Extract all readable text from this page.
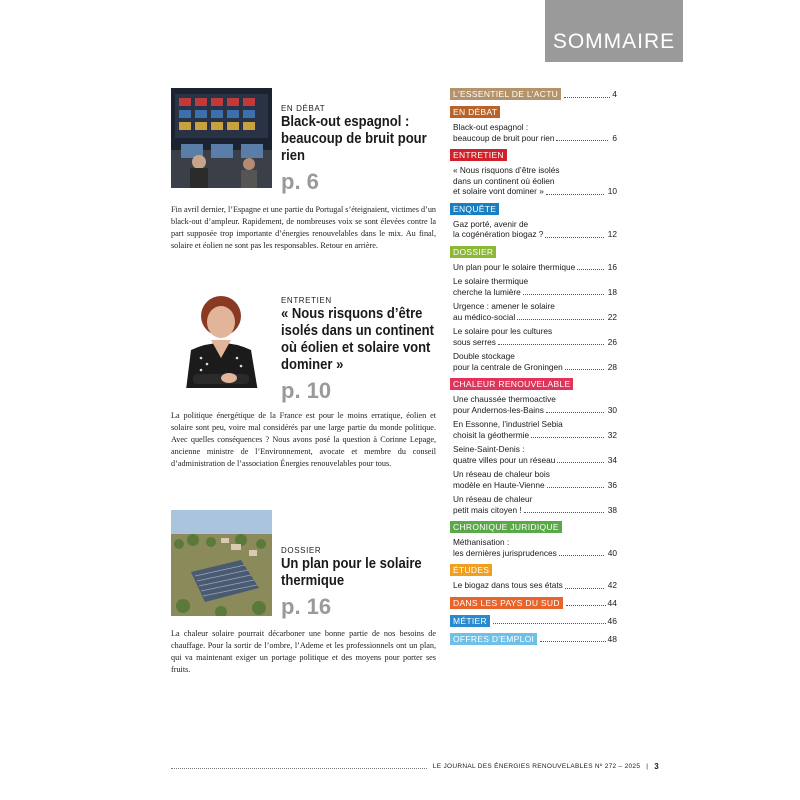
SOMMAIRE
EN DÉBAT
Black-out espagnol : beaucoup de bruit pour rien
p. 6
Fin avril dernier, l’Espagne et une partie du Portugal s’éteignaient, victimes d’un black-out d’ampleur. Rapidement, de nombreuses voix se sont élevées contre la part supposée trop importante d’énergies renouvelables dans le mix. Au final, solaire et éolien ne sont pas les responsables. Retour en arrière.
ENTRETIEN
« Nous risquons d’être isolés dans un continent où éolien et solaire vont dominer »
p. 10
La politique énergétique de la France est pour le moins erratique, éolien et solaire sont peu, voire mal considérés par une large partie du monde politique. Avec quelles conséquences ? Nous avons posé la question à Corinne Lepage, ancienne ministre de l’Environnement, avocate et membre du conseil d’administration de l’association Énergies renouvelables pour tous.
DOSSIER
Un plan pour le solaire thermique
p. 16
La chaleur solaire pourrait décarboner une bonne partie de nos besoins de chauffage. Pour la sortir de l’ombre, l’Ademe et les professionnels ont un plan, qui va maintenant exiger un portage politique et des moyens pour porter ses fruits.
L'ESSENTIEL DE L'ACTU	4
EN DÉBAT
Black-out espagnol :
beaucoup de bruit pour rien	6
ENTRETIEN
« Nous risquons d’être isolés
dans un continent où éolien
et solaire vont dominer »	10
ENQUÊTE
Gaz porté, avenir de
la cogénération biogaz ?	12
DOSSIER
Un plan pour le solaire thermique	16
Le solaire thermique
cherche la lumière	18
Urgence : amener le solaire
au médico-social	22
Le solaire pour les cultures
sous serres	26
Double stockage
pour la centrale de Groningen	28
CHALEUR RENOUVELABLE
Une chaussée thermoactive
pour Andernos-les-Bains	30
En Essonne, l’industriel Sebia
choisit la géothermie	32
Seine-Saint-Denis :
quatre villes pour un réseau	34
Un réseau de chaleur bois
modèle en Haute-Vienne	36
Un réseau de chaleur
petit mais citoyen !	38
CHRONIQUE JURIDIQUE
Méthanisation :
les dernières jurisprudences	40
ÉTUDES
Le biogaz dans tous ses états	42
DANS LES PAYS DU SUD	44
MÉTIER	46
OFFRES D'EMPLOI	48
LE JOURNAL DES ÉNERGIES RENOUVELABLES Nº 272 – 2025 | 3
